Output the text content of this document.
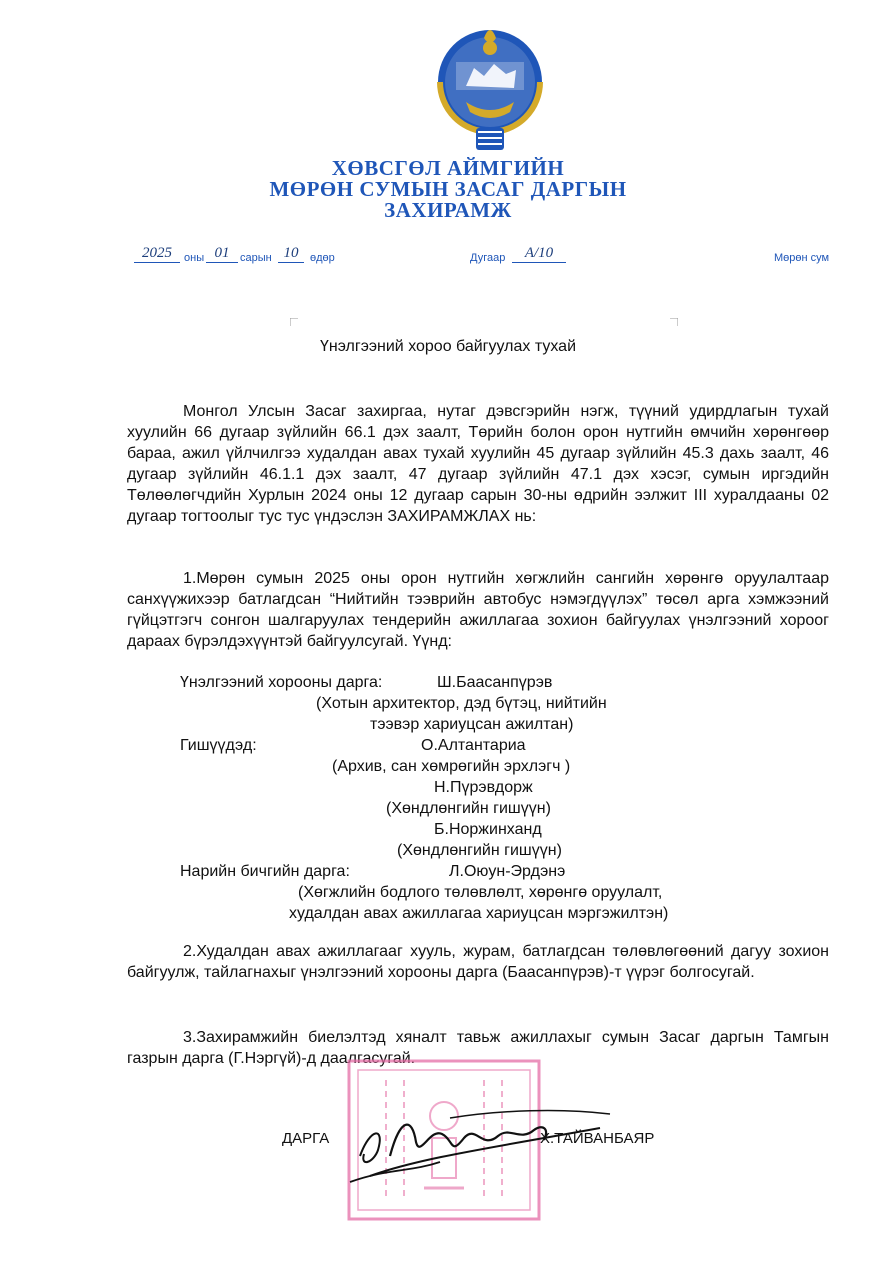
ХӨВСГӨЛ АЙМГИЙН
МӨРӨН СУМЫН ЗАСАГ ДАРГЫН
ЗАХИРАМЖ
2025	оны 01 сарын 10	өдөр	Дугаар	А/10	Мөрөн сум
Үнэлгээний хороо байгуулах тухай
Монгол Улсын Засаг захиргаа, нутаг дэвсгэрийн нэгж, түүний удирдлагын тухай хуулийн 66 дугаар зүйлийн 66.1 дэх заалт, Төрийн болон орон нутгийн өмчийн хөрөнгөөр бараа, ажил үйлчилгээ худалдан авах тухай хуулийн 45 дугаар зүйлийн 45.3 дахь заалт, 46 дугаар зүйлийн 46.1.1 дэх заалт, 47 дугаар зүйлийн 47.1 дэх хэсэг, сумын иргэдийн Төлөөлөгчдийн Хурлын 2024 оны 12 дугаар сарын 30-ны өдрийн ээлжит III хуралдааны 02 дугаар тогтоолыг тус тус үндэслэн ЗАХИРАМЖЛАХ нь:
1.Мөрөн сумын 2025 оны орон нутгийн хөгжлийн сангийн хөрөнгө оруулалтаар санхүүжихээр батлагдсан “Нийтийн тээврийн автобус нэмэгдүүлэх” төсөл арга хэмжээний гүйцэтгэгч сонгон шалгаруулах тендерийн ажиллагаа зохион байгуулах үнэлгээний хороог дараах бүрэлдэхүүнтэй байгуулсугай. Үүнд:
Үнэлгээний хорооны дарга:	Ш.Баасанпүрэв
(Хотын архитектор, дэд бүтэц, нийтийн
тээвэр хариуцсан ажилтан)
Гишүүдэд:	О.Алтантариа
(Архив, сан хөмрөгийн эрхлэгч )
Н.Пүрэвдорж
(Хөндлөнгийн гишүүн)
Б.Норжинханд
(Хөндлөнгийн гишүүн)
Нарийн бичгийн дарга:	Л.Оюун-Эрдэнэ
(Хөгжлийн бодлого төлөвлөлт, хөрөнгө оруулалт,
худалдан авах ажиллагаа хариуцсан мэргэжилтэн)
2.Худалдан авах ажиллагааг хууль, журам, батлагдсан төлөвлөгөөний дагуу зохион байгуулж, тайлагнахыг үнэлгээний хорооны дарга (Баасанпүрэв)-т үүрэг болгосугай.
3.Захирамжийн биелэлтэд хяналт тавьж ажиллахыг сумын Засаг даргын Тамгын газрын дарга (Г.Нэргүй)-д даалгасугай.
ДАРГА	Х.ТАЙВАНБАЯР
